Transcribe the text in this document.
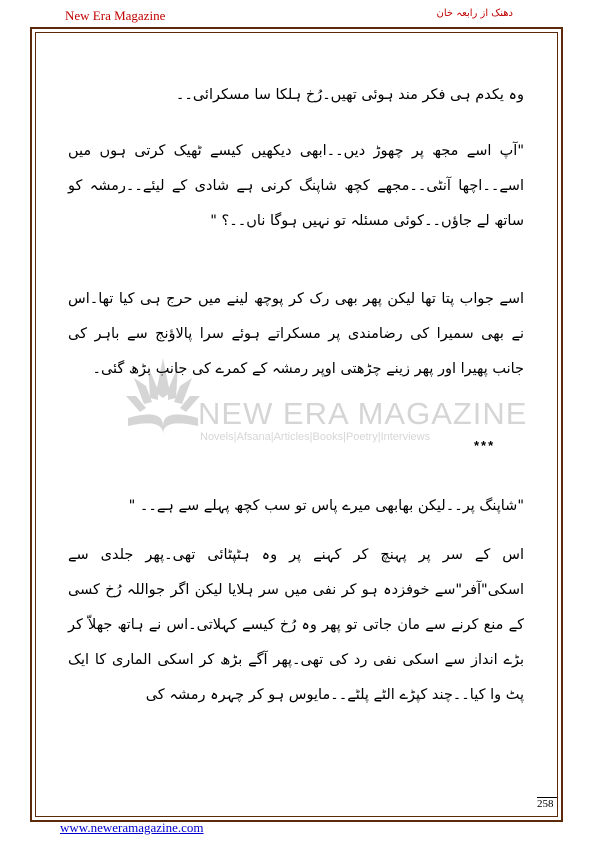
New Era Magazine	دھنک از رابعہ خان
NEW ERA MAGAZINE
Novels|Afsana|Articles|Books|Poetry|Interviews

وہ یکدم ہی فکر مند ہوئی تھیں۔رُخ ہلکا سا مسکرائی۔۔

"آپ اسے مجھ پر چھوڑ دیں۔۔ابھی دیکھیں کیسے ٹھیک کرتی ہوں میں اسے۔۔اچھا آنٹی۔۔مجھے کچھ شاپنگ کرنی ہے شادی کے لیئے۔۔رمشہ کو ساتھ لے جاؤں۔۔کوئی مسئلہ تو نہیں ہوگا ناں۔۔؟ "

اسے جواب پتا تھا لیکن پھر بھی رک کر پوچھ لینے میں حرج ہی کیا تھا۔اس نے بھی سمیرا کی رضامندی پر مسکراتے ہوئے سرا پالاؤنج سے باہر کی جانب پھیرا اور پھر زینے چڑھتی اوپر رمشہ کے کمرے کی جانب بڑھ گئی۔

***

"شاپنگ پر۔۔لیکن بھابھی میرے پاس تو سب کچھ پہلے سے ہے۔۔ "

اس کے سر پر پہنچ کر کہنے پر وہ ہٹپٹائی تھی۔پھر جلدی سے اسکی"آفر"سے خوفزدہ ہو کر نفی میں سر ہلایا لیکن اگر جواللہ رُخ کسی کے منع کرنے سے مان جاتی تو پھر وہ رُخ کیسے کہلاتی۔اس نے ہاتھ جھلاّ کر بڑے انداز سے اسکی نفی رد کی تھی۔پھر آگے بڑھ کر اسکی الماری کا ایک پٹ وا کیا۔۔چند کپڑے الٹے پلٹے۔۔مایوس ہو کر چہرہ رمشہ کی

258
www.neweramagazine.com
